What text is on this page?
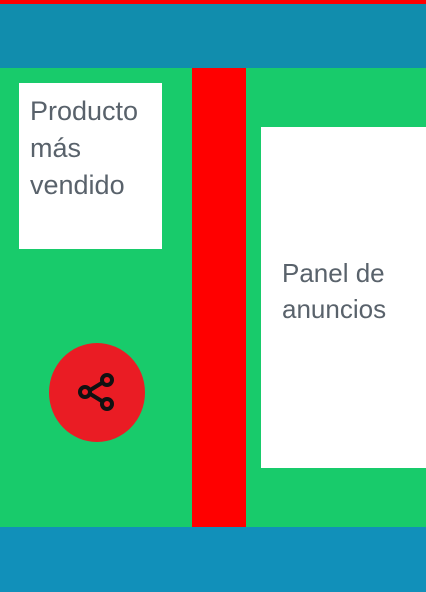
Producto más vendido
Panel de anuncios
